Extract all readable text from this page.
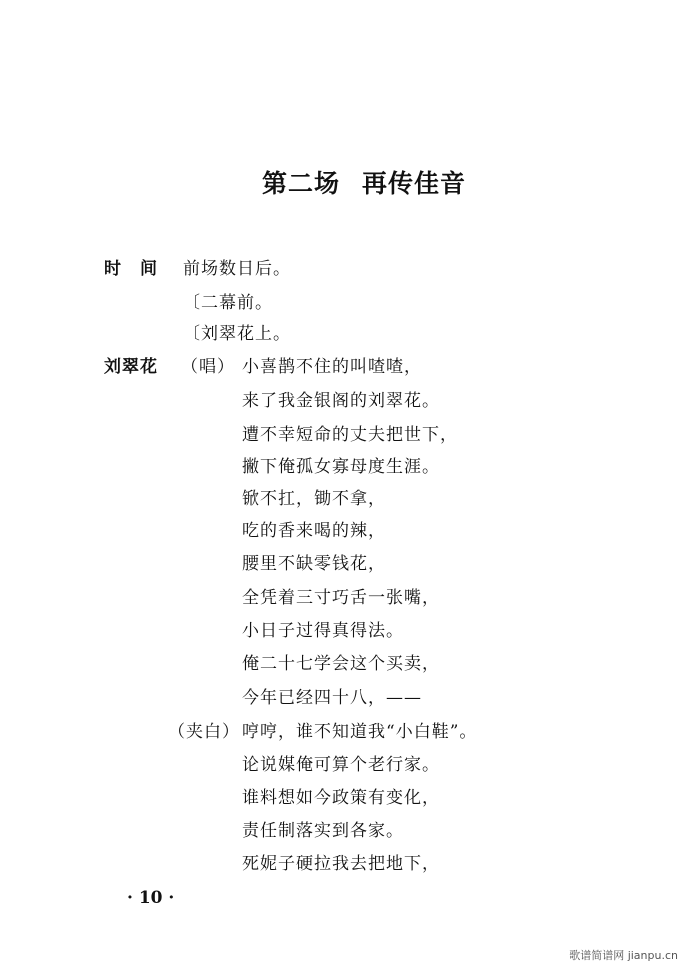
第二场 再传佳音
时　间 前场数日后。
〔二幕前。
〔刘翠花上。
刘翠花 （唱） 小喜鹊不住的叫喳喳，
来了我金银阁的刘翠花。
遭不幸短命的丈夫把世下，
撇下俺孤女寡母度生涯。
锨不扛，锄不拿，
吃的香来喝的辣，
腰里不缺零钱花，
全凭着三寸巧舌一张嘴，
小日子过得真得法。
俺二十七学会这个买卖，
今年已经四十八，——
（夹白） 哼哼，谁不知道我“小白鞋”。
论说媒俺可算个老行家。
谁料想如今政策有变化，
责任制落实到各家。
死妮子硬拉我去把地下，
· 10 ·
歌谱简谱网 jianpu.cn
